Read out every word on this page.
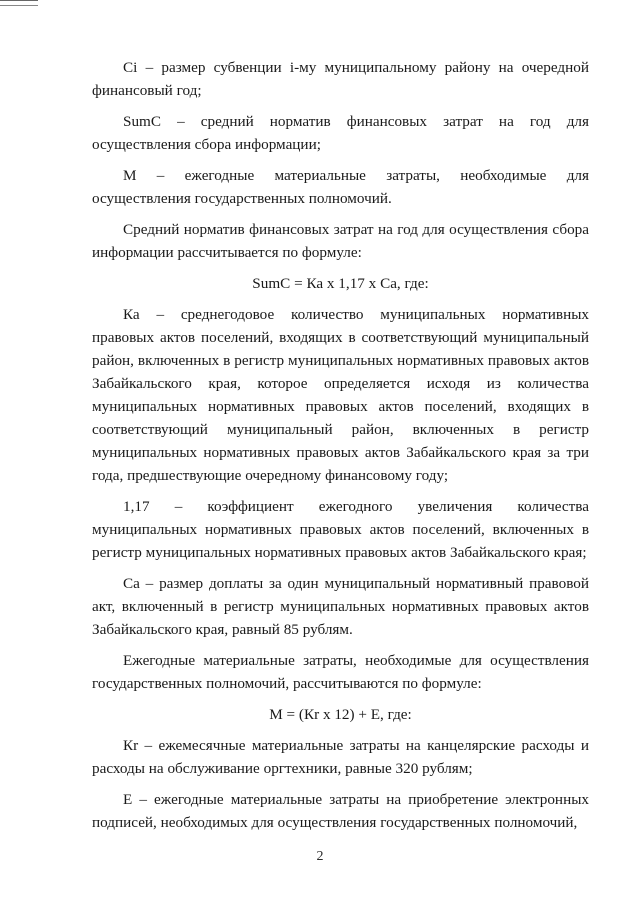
Сi – размер субвенции i-му муниципальному району на очередной финансовый год;

SumC – средний норматив финансовых затрат на год для осуществления сбора информации;

М – ежегодные материальные затраты, необходимые для осуществления государственных полномочий.

Средний норматив финансовых затрат на год для осуществления сбора информации рассчитывается по формуле:

SumC = Ка х 1,17 х Са, где:

Ка – среднегодовое количество муниципальных нормативных правовых актов поселений, входящих в соответствующий муниципальный район, включенных в регистр муниципальных нормативных правовых актов Забайкальского края, которое определяется исходя из количества муниципальных нормативных правовых актов поселений, входящих в соответствующий муниципальный район, включенных в регистр муниципальных нормативных правовых актов Забайкальского края за три года, предшествующие очередному финансовому году;

1,17 – коэффициент ежегодного увеличения количества муниципальных нормативных правовых актов поселений, включенных в регистр муниципальных нормативных правовых актов Забайкальского края;

Са – размер доплаты за один муниципальный нормативный правовой акт, включенный в регистр муниципальных нормативных правовых актов Забайкальского края, равный 85 рублям.

Ежегодные материальные затраты, необходимые для осуществления государственных полномочий, рассчитываются по формуле:

М = (Кr х 12) + Е, где:

Кr – ежемесячные материальные затраты на канцелярские расходы и расходы на обслуживание оргтехники, равные 320 рублям;

Е – ежегодные материальные затраты на приобретение электронных подписей, необходимых для осуществления государственных полномочий,

2
